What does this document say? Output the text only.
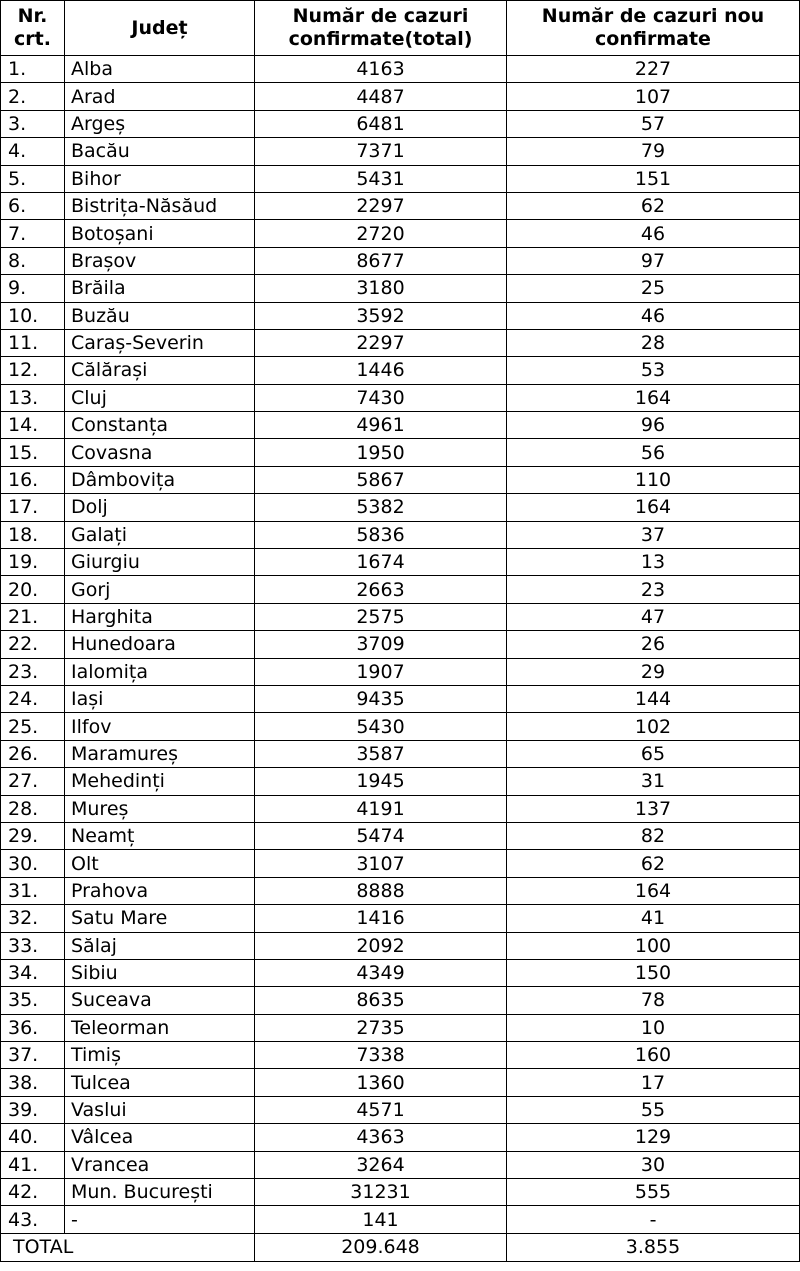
Nr. crt.	Județ	Număr de cazuri confirmate(total)	Număr de cazuri nou confirmate
1.	Alba	4163	227
2.	Arad	4487	107
3.	Argeș	6481	57
4.	Bacău	7371	79
5.	Bihor	5431	151
6.	Bistrița-Năsăud	2297	62
7.	Botoșani	2720	46
8.	Brașov	8677	97
9.	Brăila	3180	25
10.	Buzău	3592	46
11.	Caraș-Severin	2297	28
12.	Călărași	1446	53
13.	Cluj	7430	164
14.	Constanța	4961	96
15.	Covasna	1950	56
16.	Dâmbovița	5867	110
17.	Dolj	5382	164
18.	Galați	5836	37
19.	Giurgiu	1674	13
20.	Gorj	2663	23
21.	Harghita	2575	47
22.	Hunedoara	3709	26
23.	Ialomița	1907	29
24.	Iași	9435	144
25.	Ilfov	5430	102
26.	Maramureș	3587	65
27.	Mehedinți	1945	31
28.	Mureș	4191	137
29.	Neamț	5474	82
30.	Olt	3107	62
31.	Prahova	8888	164
32.	Satu Mare	1416	41
33.	Sălaj	2092	100
34.	Sibiu	4349	150
35.	Suceava	8635	78
36.	Teleorman	2735	10
37.	Timiș	7338	160
38.	Tulcea	1360	17
39.	Vaslui	4571	55
40.	Vâlcea	4363	129
41.	Vrancea	3264	30
42.	Mun. București	31231	555
43.	-	141	-
TOTAL		209.648	3.855
